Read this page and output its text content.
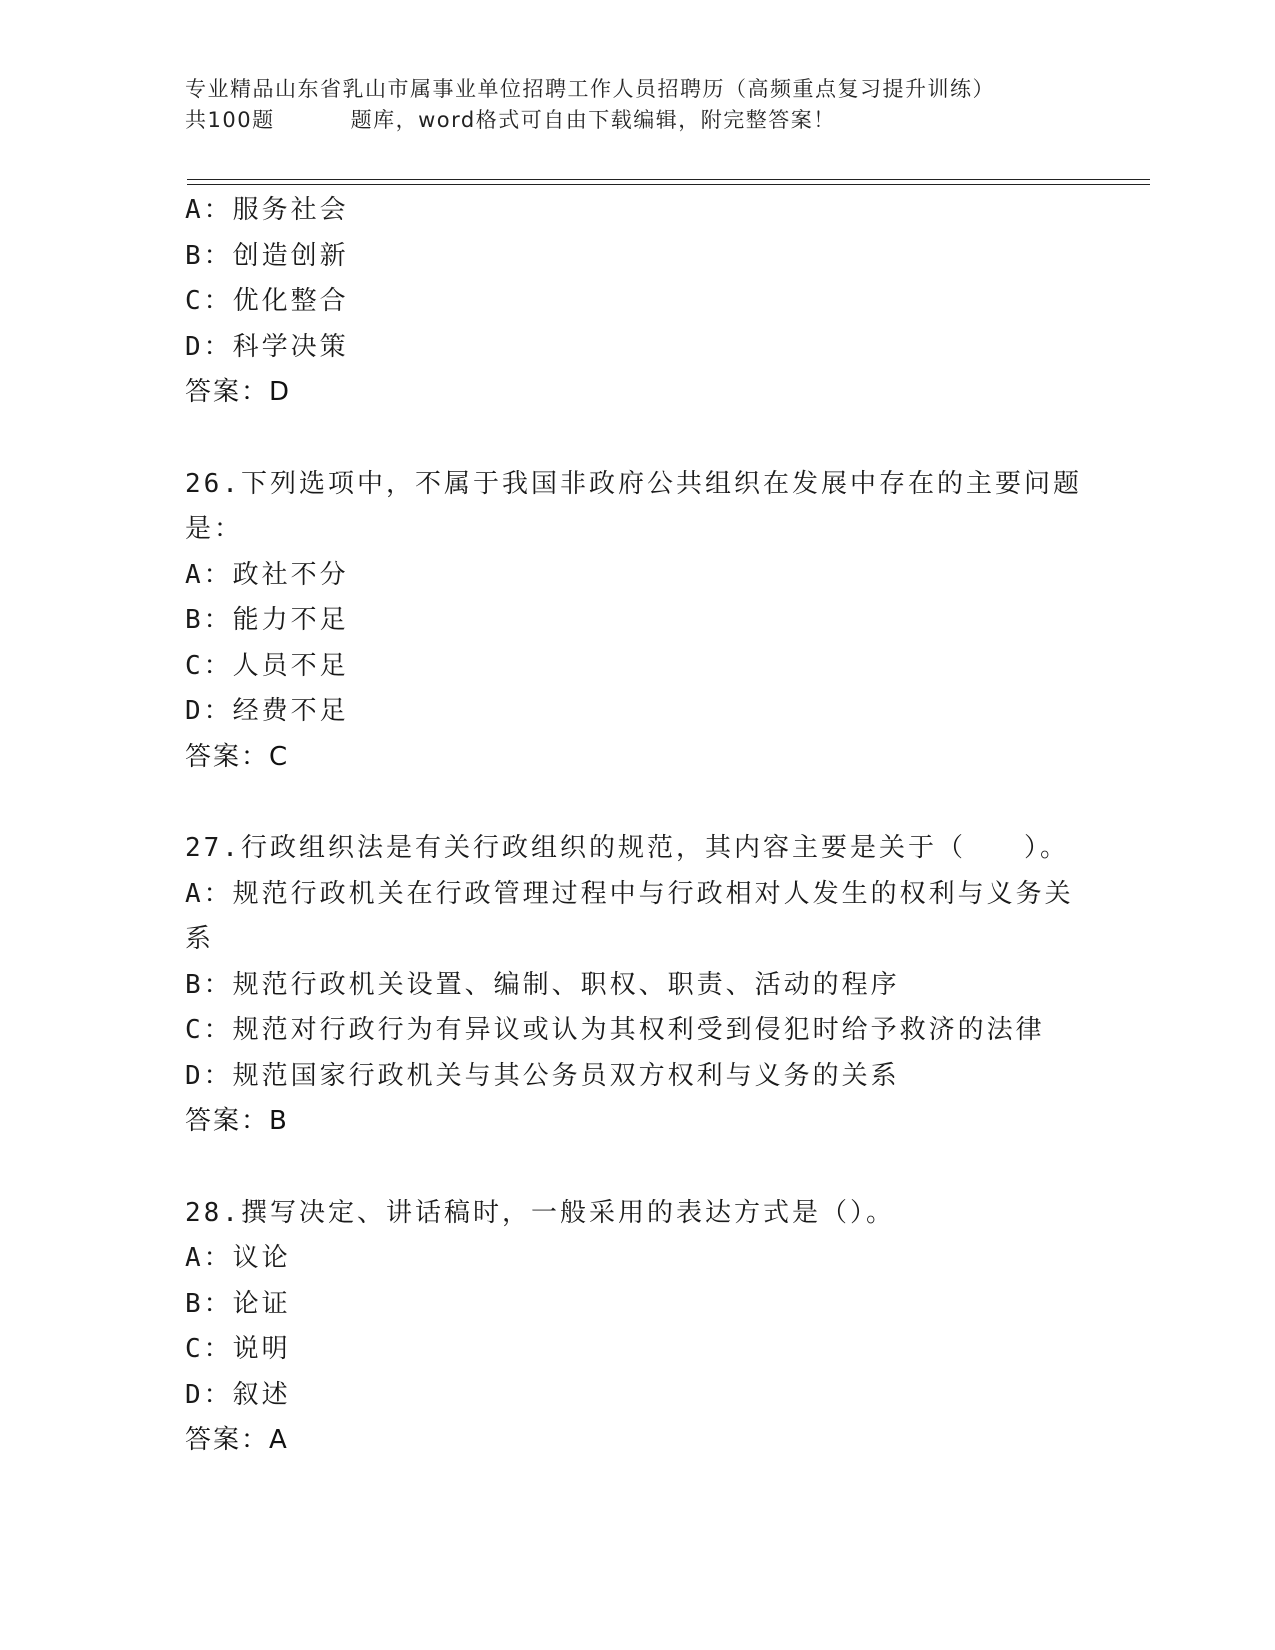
专业精品山东省乳山市属事业单位招聘工作人员招聘历（高频重点复习提升训练）
共100题	题库，word格式可自由下载编辑，附完整答案！
A：服务社会
B：创造创新
C：优化整合
D：科学决策
答案：D
26.下列选项中，不属于我国非政府公共组织在发展中存在的主要问题
是：
A：政社不分
B：能力不足
C：人员不足
D：经费不足
答案：C
27.行政组织法是有关行政组织的规范，其内容主要是关于（　　）。
A：规范行政机关在行政管理过程中与行政相对人发生的权利与义务关
系
B：规范行政机关设置、编制、职权、职责、活动的程序
C：规范对行政行为有异议或认为其权利受到侵犯时给予救济的法律
D：规范国家行政机关与其公务员双方权利与义务的关系
答案：B
28.撰写决定、讲话稿时，一般采用的表达方式是（）。
A：议论
B：论证
C：说明
D：叙述
答案：A
